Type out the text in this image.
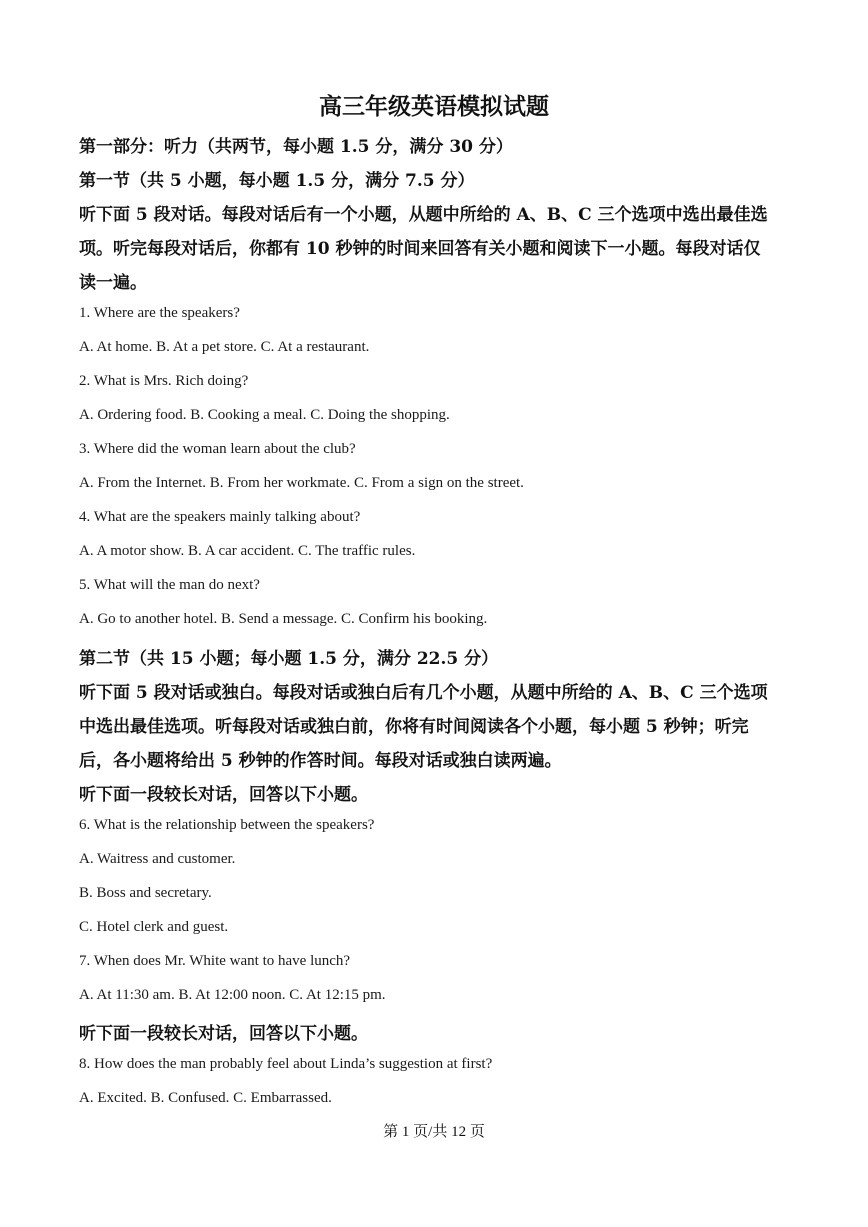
高三年级英语模拟试题
第一部分：听力（共两节，每小题 1.5 分，满分 30 分）
第一节（共 5 小题，每小题 1.5 分，满分 7.5 分）
听下面 5 段对话。每段对话后有一个小题，从题中所给的 A、B、C 三个选项中选出最佳选
项。听完每段对话后，你都有 10 秒钟的时间来回答有关小题和阅读下一小题。每段对话仅
读一遍。
1. Where are the speakers?
A. At home. B. At a pet store. C. At a restaurant.
2. What is Mrs. Rich doing?
A. Ordering food. B. Cooking a meal. C. Doing the shopping.
3. Where did the woman learn about the club?
A. From the Internet. B. From her workmate. C. From a sign on the street.
4. What are the speakers mainly talking about?
A. A motor show. B. A car accident. C. The traffic rules.
5. What will the man do next?
A. Go to another hotel. B. Send a message. C. Confirm his booking.
第二节（共 15 小题；每小题 1.5 分，满分 22.5 分）
听下面 5 段对话或独白。每段对话或独白后有几个小题，从题中所给的 A、B、C 三个选项
中选出最佳选项。听每段对话或独白前，你将有时间阅读各个小题，每小题 5 秒钟；听完
后，各小题将给出 5 秒钟的作答时间。每段对话或独白读两遍。
听下面一段较长对话，回答以下小题。
6. What is the relationship between the speakers?
A. Waitress and customer.
B. Boss and secretary.
C. Hotel clerk and guest.
7. When does Mr. White want to have lunch?
A. At 11:30 am. B. At 12:00 noon. C. At 12:15 pm.
听下面一段较长对话，回答以下小题。
8. How does the man probably feel about Linda’s suggestion at first?
A. Excited. B. Confused. C. Embarrassed.
第 1 页/共 12 页
